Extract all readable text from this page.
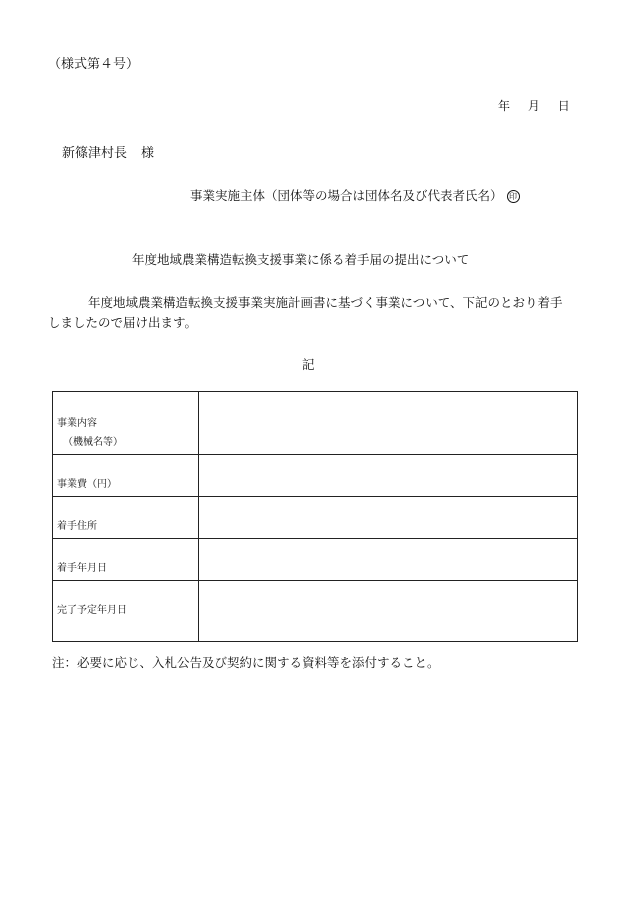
（様式第４号）
年 月 日
新篠津村長 様
事業実施主体（団体等の場合は団体名及び代表者氏名） 印
年度地域農業構造転換支援事業に係る着手届の提出について
年度地域農業構造転換支援事業実施計画書に基づく事業について、下記のとおり着手しましたので届け出ます。
記
事業内容
（機械名等）	

事業費（円）	
着手住所	
着手年月日	
完了予定年月日	
注：必要に応じ、入札公告及び契約に関する資料等を添付すること。
